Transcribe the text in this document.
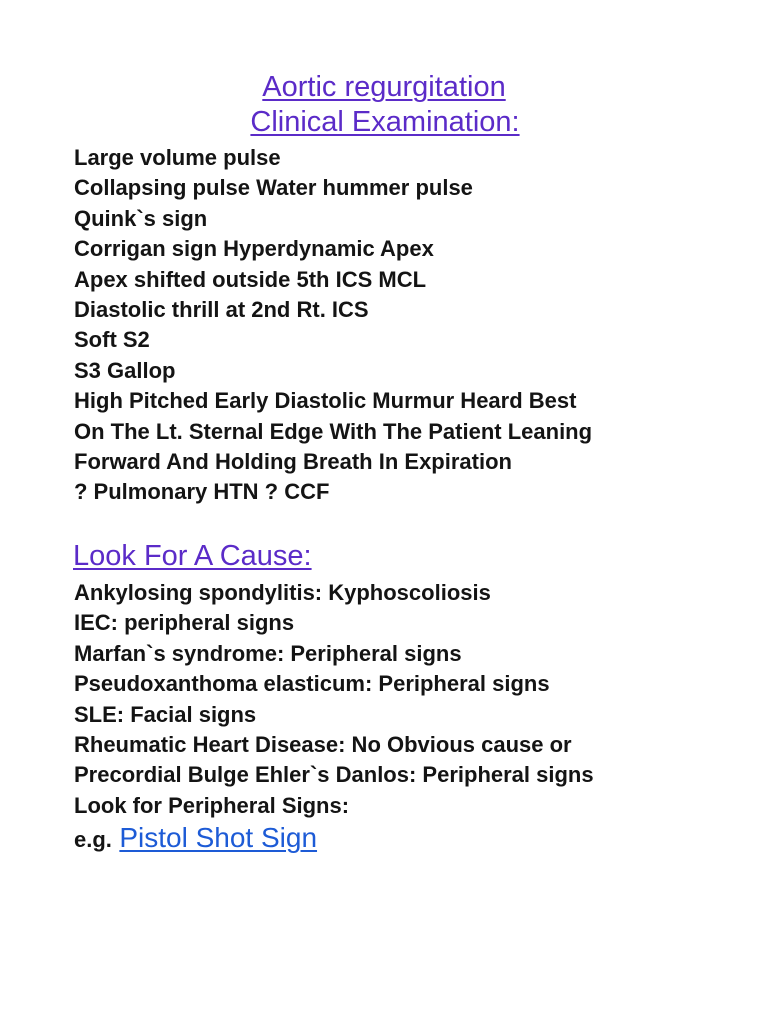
Aortic regurgitation
Clinical Examination:
Large volume pulse
Collapsing pulse Water hummer pulse
Quink`s sign
Corrigan sign Hyperdynamic Apex
Apex shifted outside 5th ICS MCL
Diastolic thrill at 2nd Rt. ICS
Soft S2
S3 Gallop
High Pitched Early Diastolic Murmur Heard Best
On The Lt. Sternal Edge With The Patient Leaning
Forward And Holding Breath In Expiration
? Pulmonary HTN ? CCF
Look For A Cause:
Ankylosing spondylitis: Kyphoscoliosis
IEC: peripheral signs
Marfan`s syndrome: Peripheral signs
Pseudoxanthoma elasticum: Peripheral signs
SLE: Facial signs
Rheumatic Heart Disease: No Obvious cause or
Precordial Bulge Ehler`s Danlos: Peripheral signs
Look for Peripheral Signs:
e.g. Pistol Shot Sign
